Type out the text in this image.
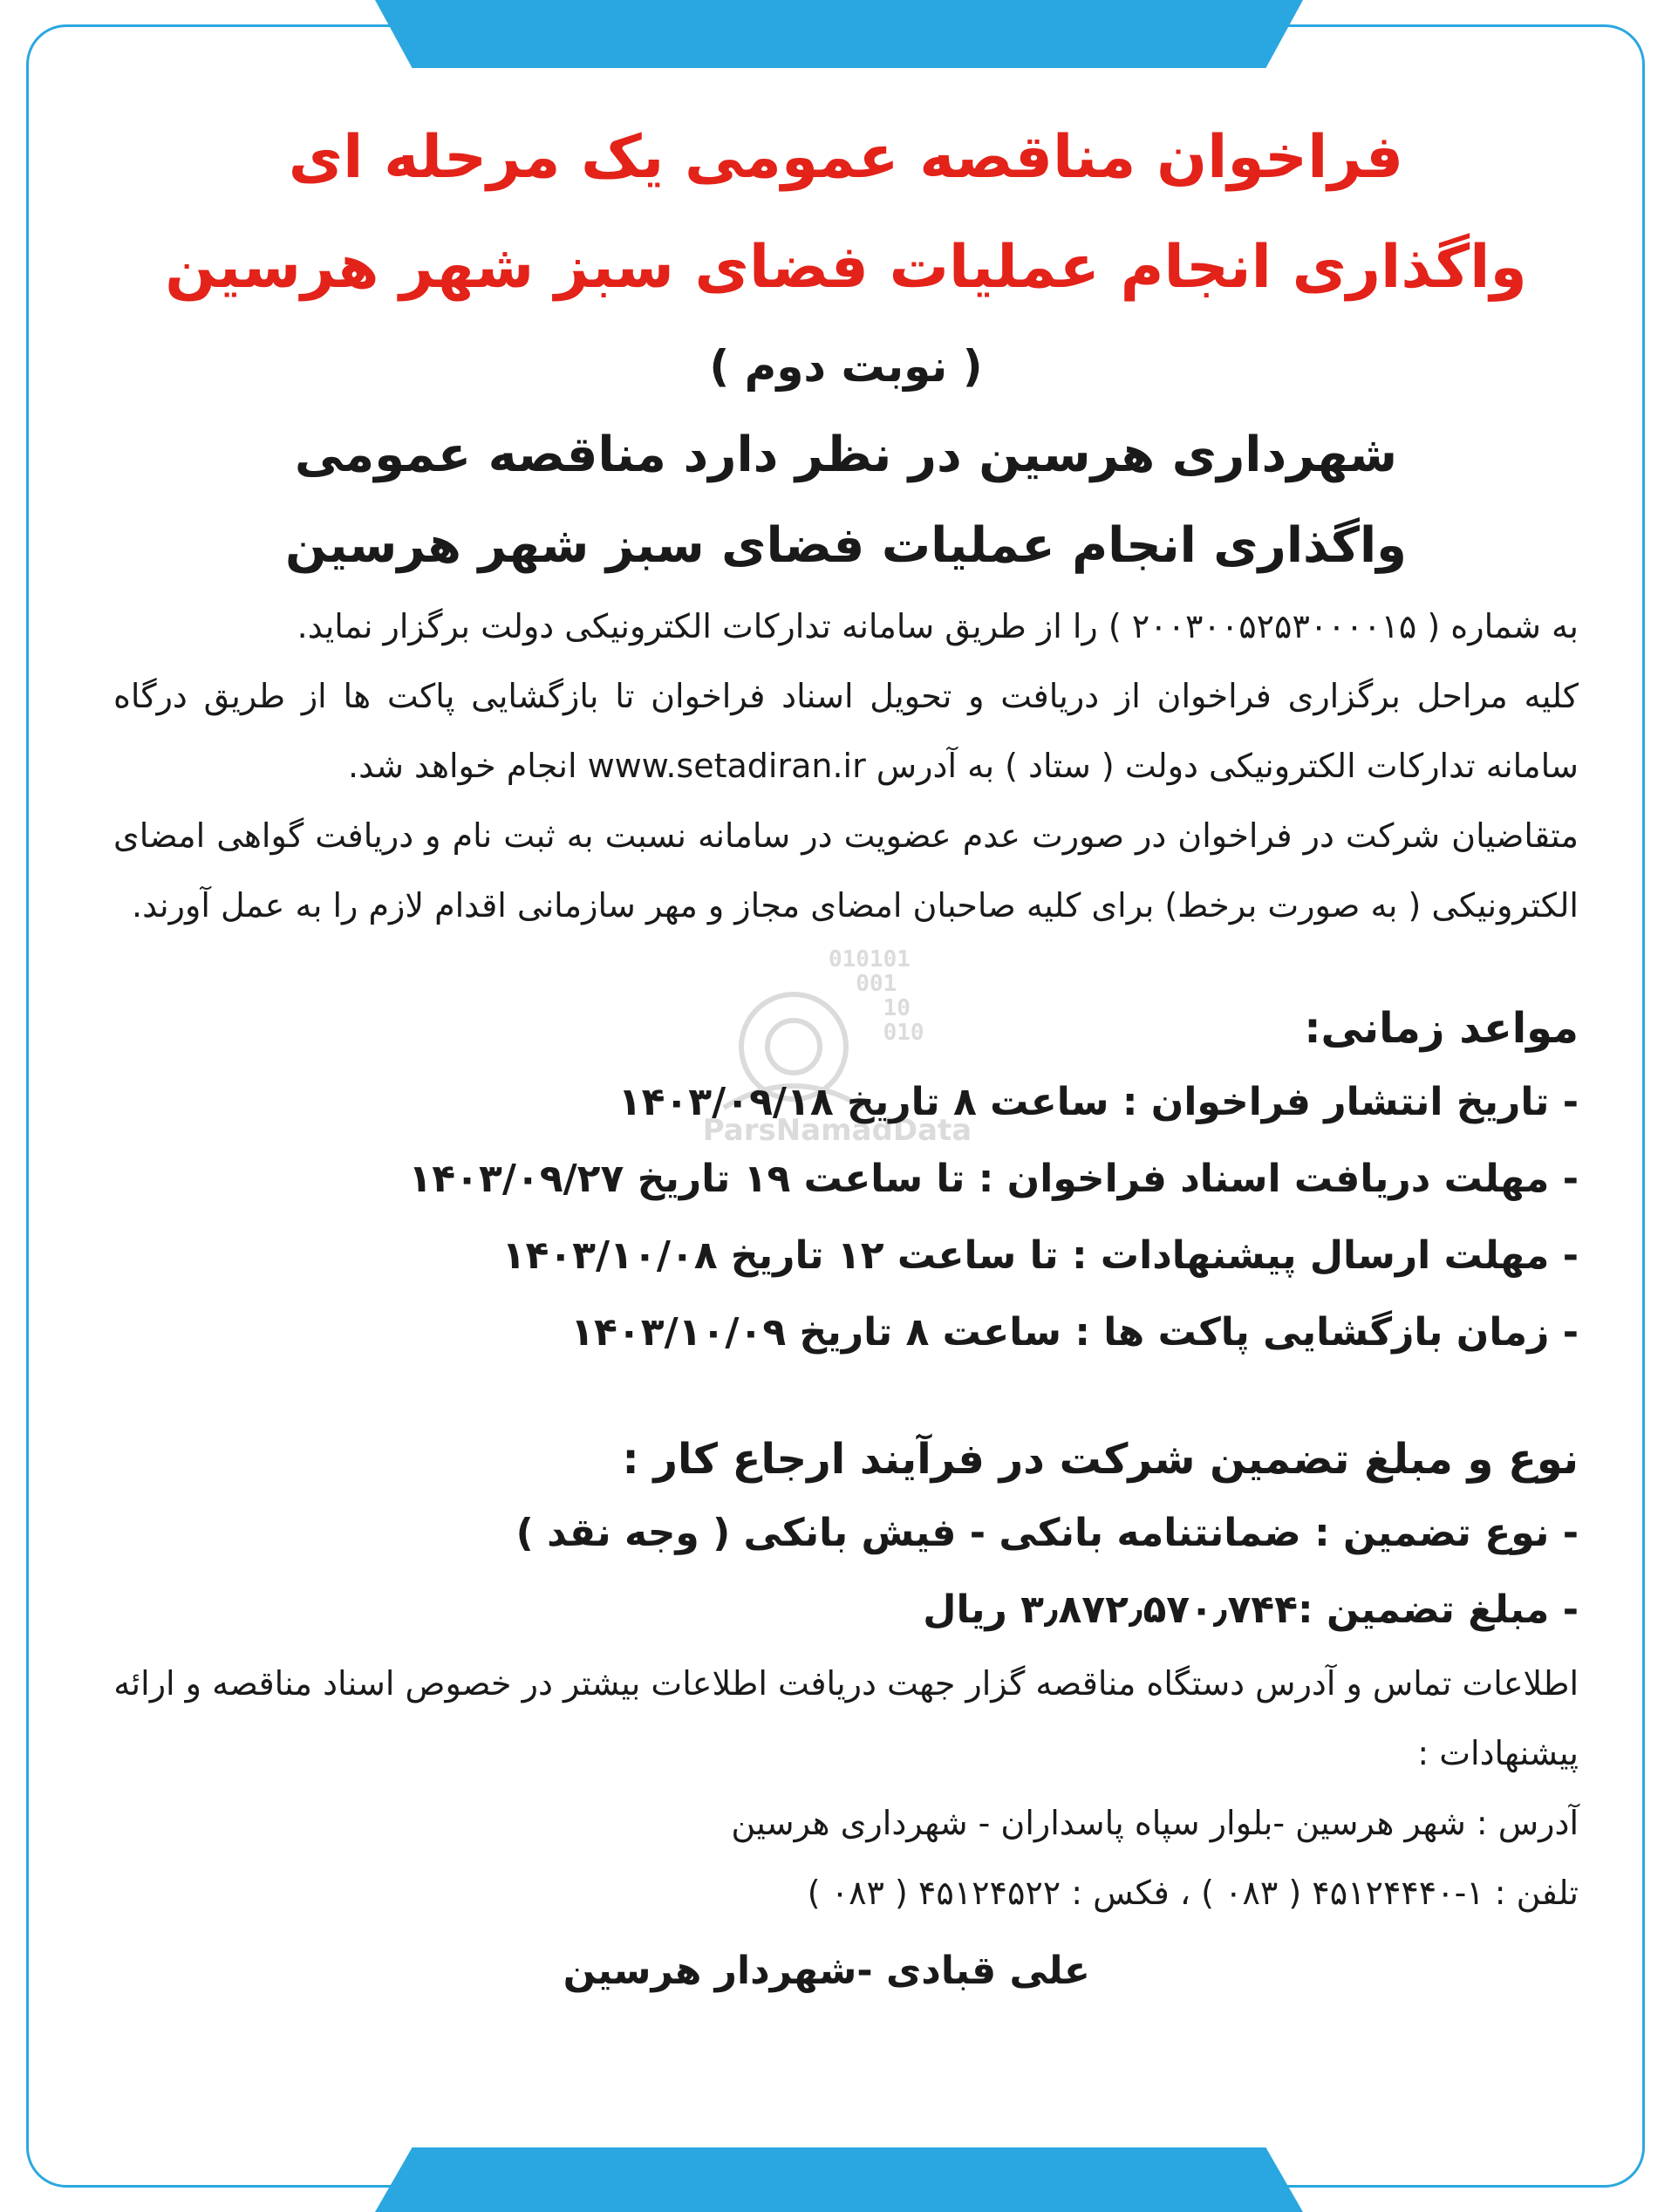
010101
001
10
010
ParsNamadData

فراخوان مناقصه عمومی یک مرحله ای

واگذاری انجام عملیات فضای سبز شهر هرسین

( نوبت دوم )

شهرداری هرسین در نظر دارد مناقصه عمومی

واگذاری انجام عملیات فضای سبز شهر هرسین

به شماره ( ۲۰۰۳۰۰۵۲۵۳۰۰۰۰۱۵ ) را از طریق سامانه تدارکات الکترونیکی دولت برگزار نماید.

کلیه مراحل برگزاری فراخوان از دریافت و تحویل اسناد فراخوان تا بازگشایی پاکت ها از طریق درگاه سامانه تدارکات الکترونیکی دولت ( ستاد ) به آدرس www.setadiran.ir انجام خواهد شد.

متقاضیان شرکت در فراخوان در صورت عدم عضویت در سامانه نسبت به ثبت نام و دریافت گواهی امضای الکترونیکی ( به صورت برخط) برای کلیه صاحبان امضای مجاز و مهر سازمانی اقدام لازم را به عمل آورند.

مواعد زمانی:

- تاریخ انتشار فراخوان : ساعت ۸ تاریخ ۱۴۰۳/۰۹/۱۸

- مهلت دریافت اسناد فراخوان : تا ساعت ۱۹ تاریخ ۱۴۰۳/۰۹/۲۷

- مهلت ارسال پیشنهادات : تا ساعت ۱۲ تاریخ ۱۴۰۳/۱۰/۰۸

- زمان بازگشایی پاکت ها : ساعت ۸ تاریخ ۱۴۰۳/۱۰/۰۹

نوع و مبلغ تضمین شرکت در فرآیند ارجاع کار :

- نوع تضمین : ضمانتنامه بانکی - فیش بانکی ( وجه نقد )

- مبلغ تضمین :۳٫۸۷۲٫۵۷۰٫۷۴۴ ریال

اطلاعات تماس و آدرس دستگاه مناقصه گزار جهت دریافت اطلاعات بیشتر در خصوص اسناد مناقصه و ارائه پیشنهادات :

آدرس : شهر هرسین -بلوار سپاه پاسداران - شهرداری هرسین

تلفن : ۱-۴۵۱۲۴۴۴۰ ( ۰۸۳ ) ، فکس : ۴۵۱۲۴۵۲۲ ( ۰۸۳ )

علی قبادی -شهردار هرسین
